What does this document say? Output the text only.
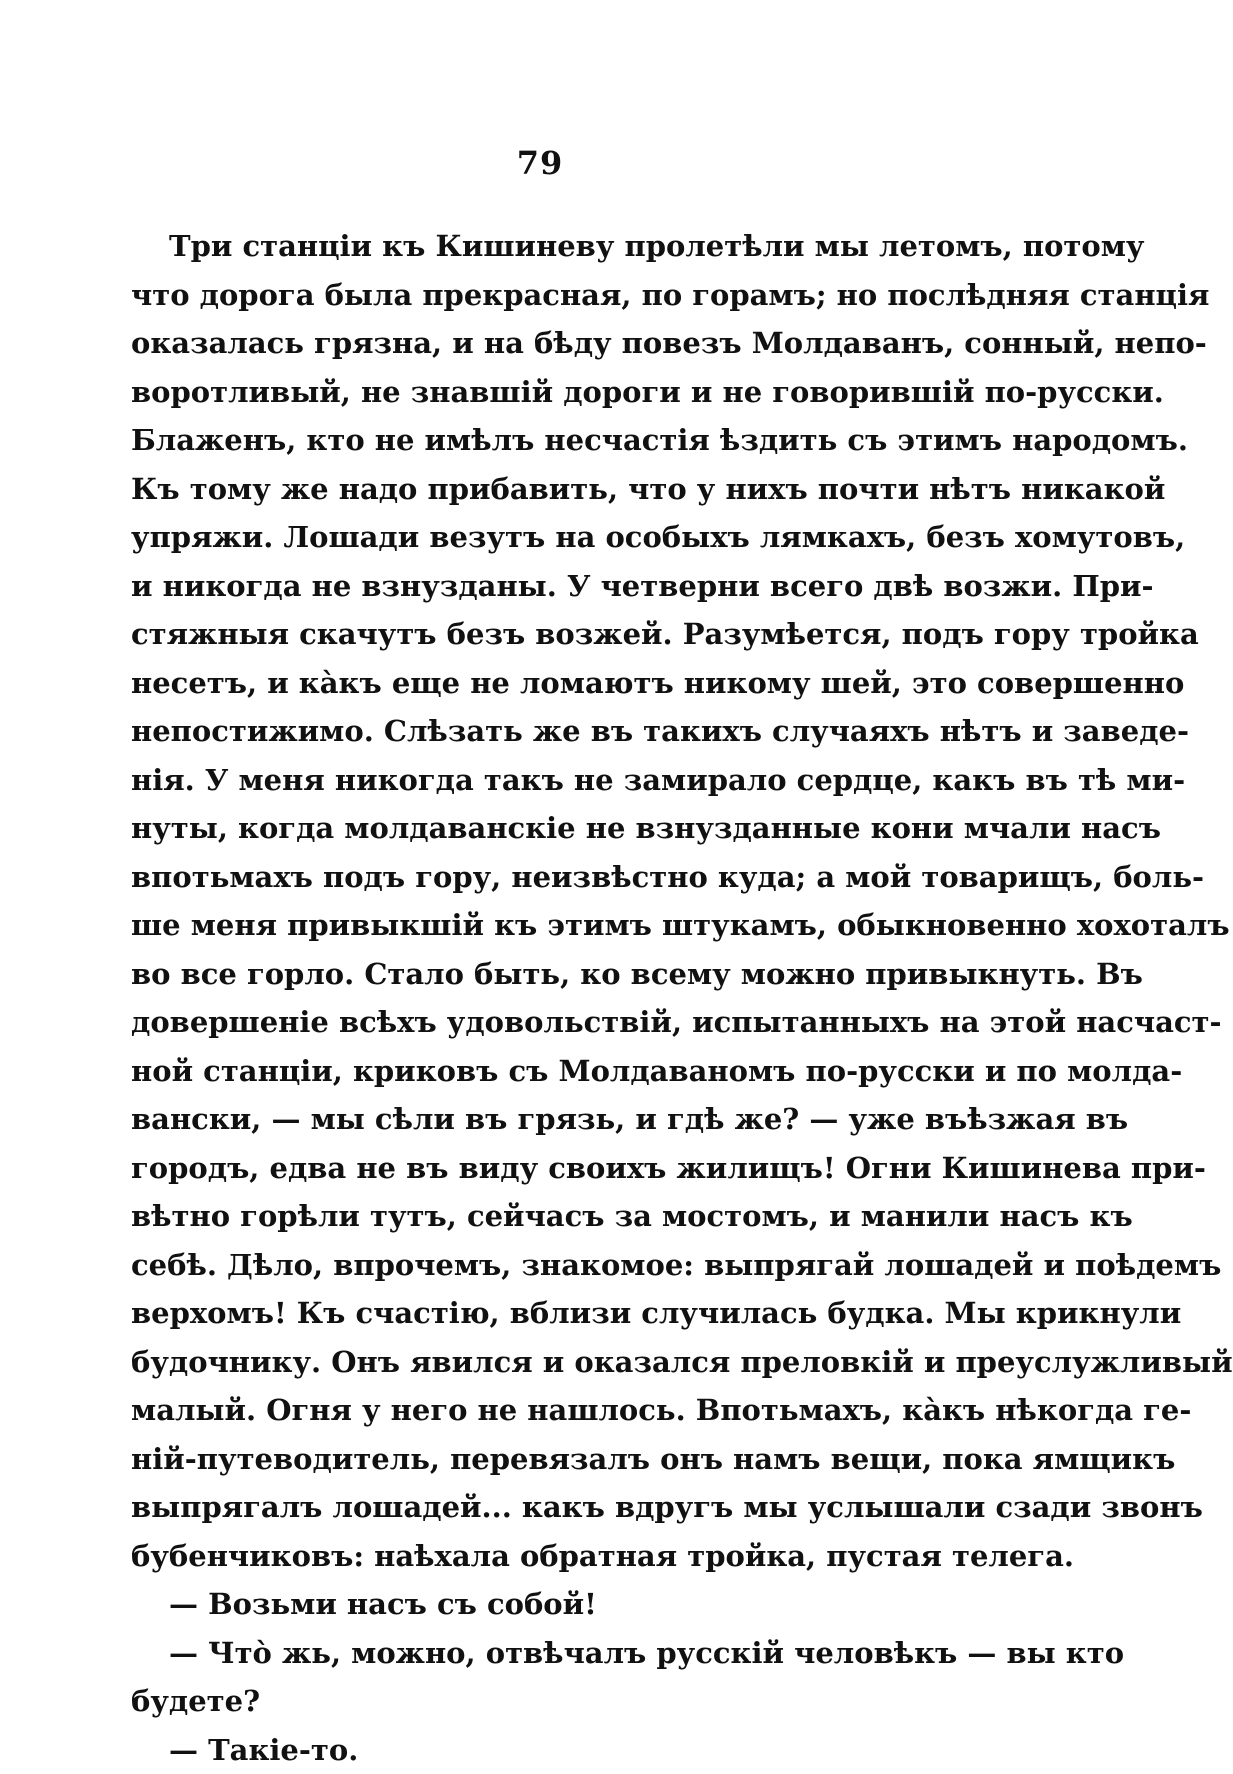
79
Три станціи къ Кишиневу пролетѣли мы летомъ, потому
что дорога была прекрасная, по горамъ; но послѣдняя станція
оказалась грязна, и на бѣду повезъ Молдаванъ, сонный, непо-
воротливый, не знавшій дороги и не говорившій по-русски.
Блаженъ, кто не имѣлъ несчастія ѣздить съ этимъ народомъ.
Къ тому же надо прибавить, что у нихъ почти нѣтъ никакой
упряжи. Лошади везутъ на особыхъ лямкахъ, безъ хомутовъ,
и никогда не взнузданы. У четверни всего двѣ возжи. При-
стяжныя скачутъ безъ возжей. Разумѣется, подъ гору тройка
несетъ, и ка̀къ еще не ломаютъ никому шей, это совершенно
непостижимо. Слѣзать же въ такихъ случаяхъ нѣтъ и заведе-
нія. У меня никогда такъ не замирало сердце, какъ въ тѣ ми-
нуты, когда молдаванскіе не взнузданные кони мчали насъ
впотьмахъ подъ гору, неизвѣстно куда; а мой товарищъ, боль-
ше меня привыкшій къ этимъ штукамъ, обыкновенно хохоталъ
во все горло. Стало быть, ко всему можно привыкнуть. Въ
довершеніе всѣхъ удовольствій, испытанныхъ на этой насчаст-
ной станціи, криковъ съ Молдаваномъ по-русски и по молда-
вански, — мы сѣли въ грязь, и гдѣ же? — уже въѣзжая въ
городъ, едва не въ виду своихъ жилищъ! Огни Кишинева при-
вѣтно горѣли тутъ, сейчасъ за мостомъ, и манили насъ къ
себѣ. Дѣло, впрочемъ, знакомое: выпрягай лошадей и поѣдемъ
верхомъ! Къ счастію, вблизи случилась будка. Мы крикнули
будочнику. Онъ явился и оказался преловкій и преуслужливый
малый. Огня у него не нашлось. Впотьмахъ, ка̀къ нѣкогда ге-
ній-путеводитель, перевязалъ онъ намъ вещи, пока ямщикъ
выпрягалъ лошадей... какъ вдругъ мы услышали сзади звонъ
бубенчиковъ: наѣхала обратная тройка, пустая телега.
— Возьми насъ съ собой!
— Что̀ жь, можно, отвѣчалъ русскій человѣкъ — вы кто
будете?
— Такіе-то.
